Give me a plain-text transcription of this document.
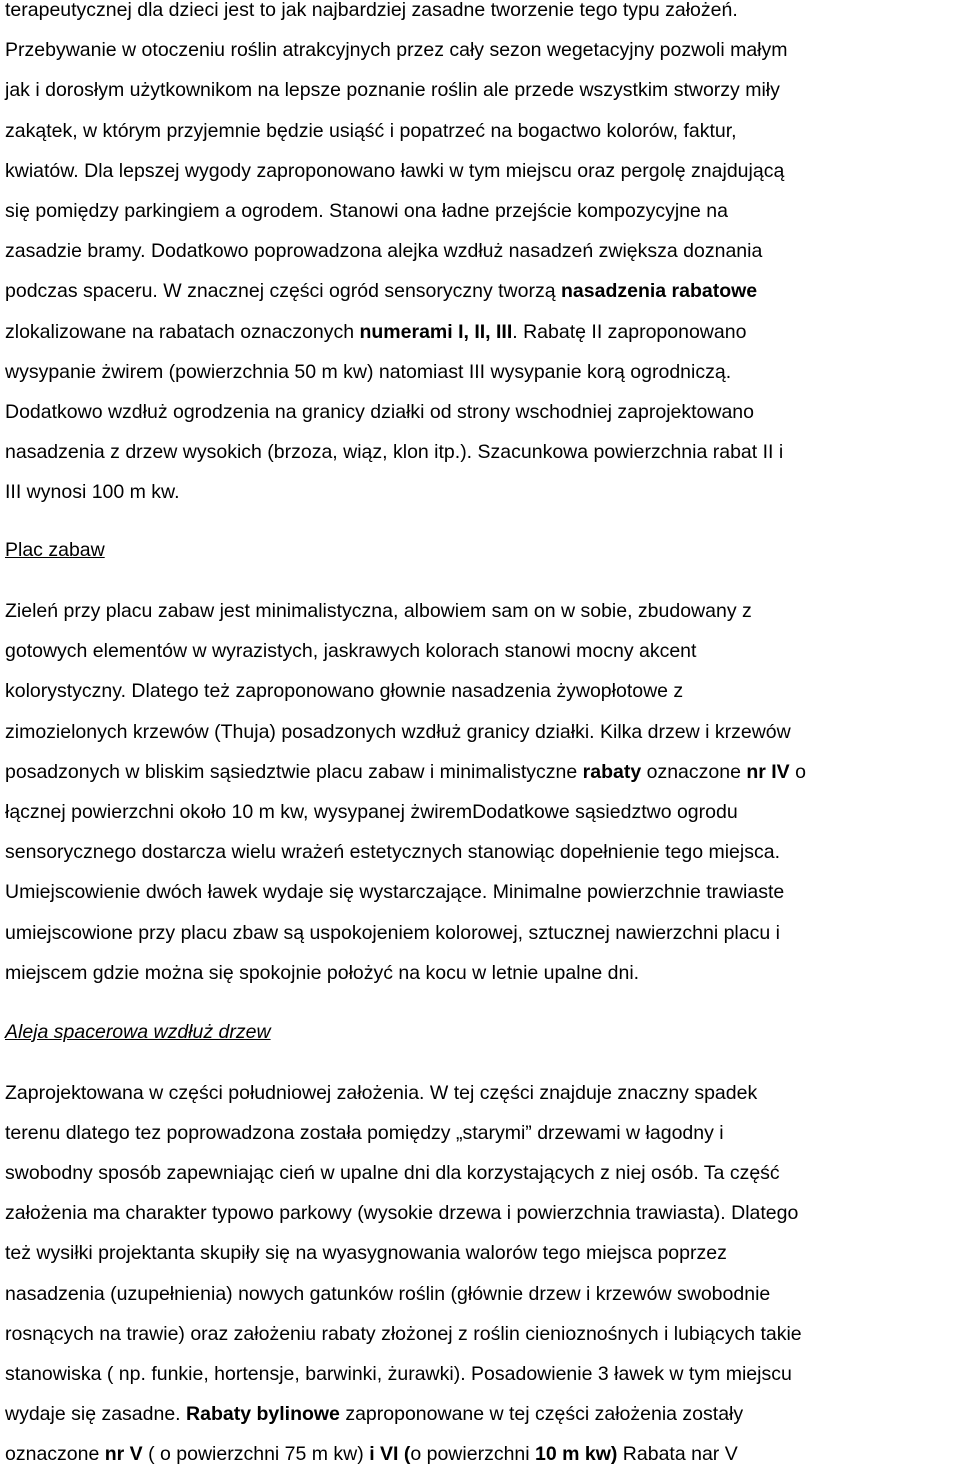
terapeutycznej dla dzieci jest to jak najbardziej zasadne tworzenie tego typu założeń.
Przebywanie w otoczeniu roślin atrakcyjnych przez cały sezon wegetacyjny pozwoli małym
jak i dorosłym użytkownikom na lepsze poznanie roślin ale przede wszystkim stworzy miły
zakątek, w którym przyjemnie będzie usiąść i popatrzeć na bogactwo kolorów, faktur,
kwiatów. Dla lepszej wygody zaproponowano ławki w tym miejscu oraz pergolę znajdującą
się pomiędzy parkingiem a ogrodem. Stanowi ona ładne przejście kompozycyjne na
zasadzie bramy. Dodatkowo poprowadzona alejka wzdłuż nasadzeń zwiększa doznania
podczas spaceru. W znacznej części ogród sensoryczny tworzą nasadzenia rabatowe
zlokalizowane na rabatach oznaczonych numerami I, II, III. Rabatę II zaproponowano
wysypanie żwirem (powierzchnia 50 m kw) natomiast III wysypanie korą ogrodniczą.
Dodatkowo wzdłuż ogrodzenia na granicy działki od strony wschodniej zaprojektowano
nasadzenia z drzew wysokich (brzoza, wiąz, klon itp.). Szacunkowa powierzchnia rabat II i
III wynosi 100 m kw.
Plac zabaw
Zieleń przy placu zabaw jest minimalistyczna, albowiem sam on w sobie, zbudowany z
gotowych elementów w wyrazistych, jaskrawych kolorach stanowi mocny akcent
kolorystyczny. Dlatego też zaproponowano głownie nasadzenia żywopłotowe z
zimozielonych krzewów (Thuja) posadzonych wzdłuż granicy działki. Kilka drzew i krzewów
posadzonych w bliskim sąsiedztwie placu zabaw i minimalistyczne rabaty oznaczone nr IV o
łącznej powierzchni około 10 m kw, wysypanej żwiremDodatkowe sąsiedztwo ogrodu
sensorycznego dostarcza wielu wrażeń estetycznych stanowiąc dopełnienie tego miejsca.
Umiejscowienie dwóch ławek wydaje się wystarczające. Minimalne powierzchnie trawiaste
umiejscowione przy placu zbaw są uspokojeniem kolorowej, sztucznej nawierzchni placu i
miejscem gdzie można się spokojnie położyć na kocu w letnie upalne dni.
Aleja spacerowa wzdłuż drzew
Zaprojektowana w części południowej założenia. W tej części znajduje znaczny spadek
terenu dlatego tez poprowadzona została pomiędzy „starymi” drzewami w łagodny i
swobodny sposób zapewniając cień w upalne dni dla korzystających z niej osób. Ta część
założenia ma charakter typowo parkowy (wysokie drzewa i powierzchnia trawiasta). Dlatego
też wysiłki projektanta skupiły się na wyasygnowania walorów tego miejsca poprzez
nasadzenia (uzupełnienia) nowych gatunków roślin (głównie drzew i krzewów swobodnie
rosnących na trawie) oraz założeniu rabaty złożonej z roślin cienioznośnych i lubiących takie
stanowiska ( np. funkie, hortensje, barwinki, żurawki). Posadowienie 3 ławek w tym miejscu
wydaje się zasadne. Rabaty bylinowe zaproponowane w tej części założenia zostały
oznaczone nr V ( o powierzchni 75 m kw) i VI (o powierzchni 10 m kw) Rabata nar V
